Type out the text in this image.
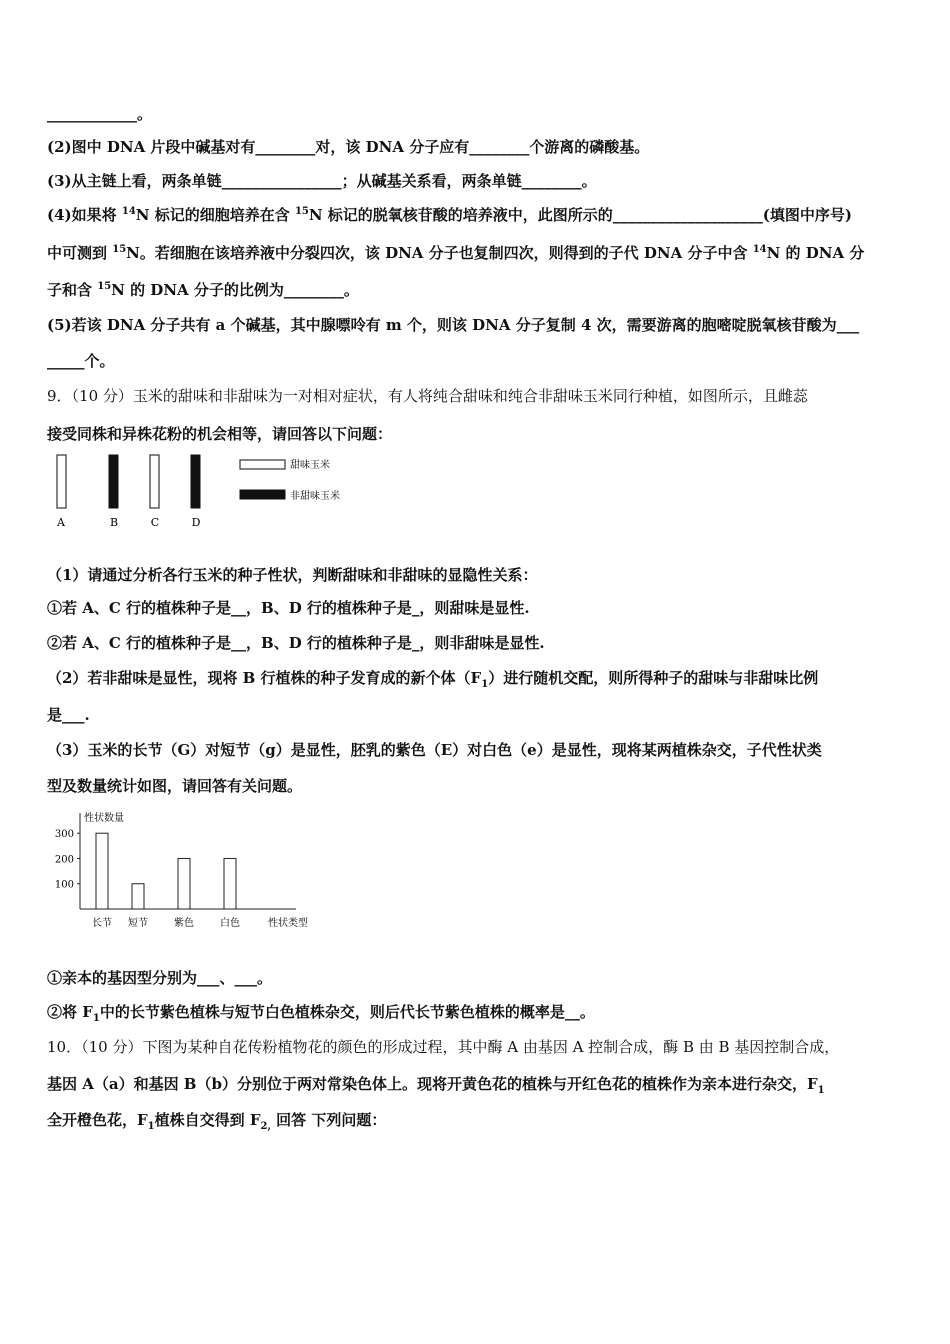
____________。
(2)图中 DNA 片段中碱基对有________对，该 DNA 分子应有________个游离的磷酸基。
(3)从主链上看，两条单链________________；从碱基关系看，两条单链________。
(4)如果将 $^{14}$N 标记的细胞培养在含 $^{15}$N 标记的脱氧核苷酸的培养液中，此图所示的____________________(填图中序号)
中可测到 $^{15}$N。若细胞在该培养液中分裂四次，该 DNA 分子也复制四次，则得到的子代 DNA 分子中含 $^{14}$N 的 DNA 分
子和含 $^{15}$N 的 DNA 分子的比例为________。
(5)若该 DNA 分子共有 a 个碱基，其中腺嘌呤有 m 个，则该 DNA 分子复制 4 次，需要游离的胞嘧啶脱氧核苷酸为___
_____个。
9．（10 分）玉米的甜味和非甜味为一对相对症状，有人将纯合甜味和纯合非甜味玉米同行种植，如图所示，且雌蕊
接受同株和异株花粉的机会相等，请回答以下问题：
A	B	C	D
甜味玉米
非甜味玉米
（1）请通过分析各行玉米的种子性状，判断甜味和非甜味的显隐性关系：
①若 A、C 行的植株种子是__，B、D 行的植株种子是_，则甜味是显性.
②若 A、C 行的植株种子是__，B、D 行的植株种子是_，则非甜味是显性.
（2）若非甜味是显性，现将 B 行植株的种子发育成的新个体$(F_1)$进行随机交配，则所得种子的甜味与非甜味比例
是___.
（3）玉米的长节（G）对短节（g）是显性，胚乳的紫色（E）对白色（e）是显性，现将某两植株杂交，子代性状类
型及数量统计如图，请回答有关问题。
性状数量
性状类型
100
200
300
长节 短节	紫色	白色
①亲本的基因型分别为___、___。
②将 $F_1$中的长节紫色植株与短节白色植株杂交，则后代长节紫色植株的概率是__。
10．（10 分）下图为某种自花传粉植物花的颜色的形成过程，其中酶 A 由基因 A 控制合成，酶 B 由 B 基因控制合成，
基因 A（a）和基因 B（b）分别位于两对常染色体上。现将开黄色花的植株与开红色花的植株作为亲本进行杂交，$F_1$
全开橙色花，$F_1$植株自交得到 $F_{2,}$ 回答 下列问题：
